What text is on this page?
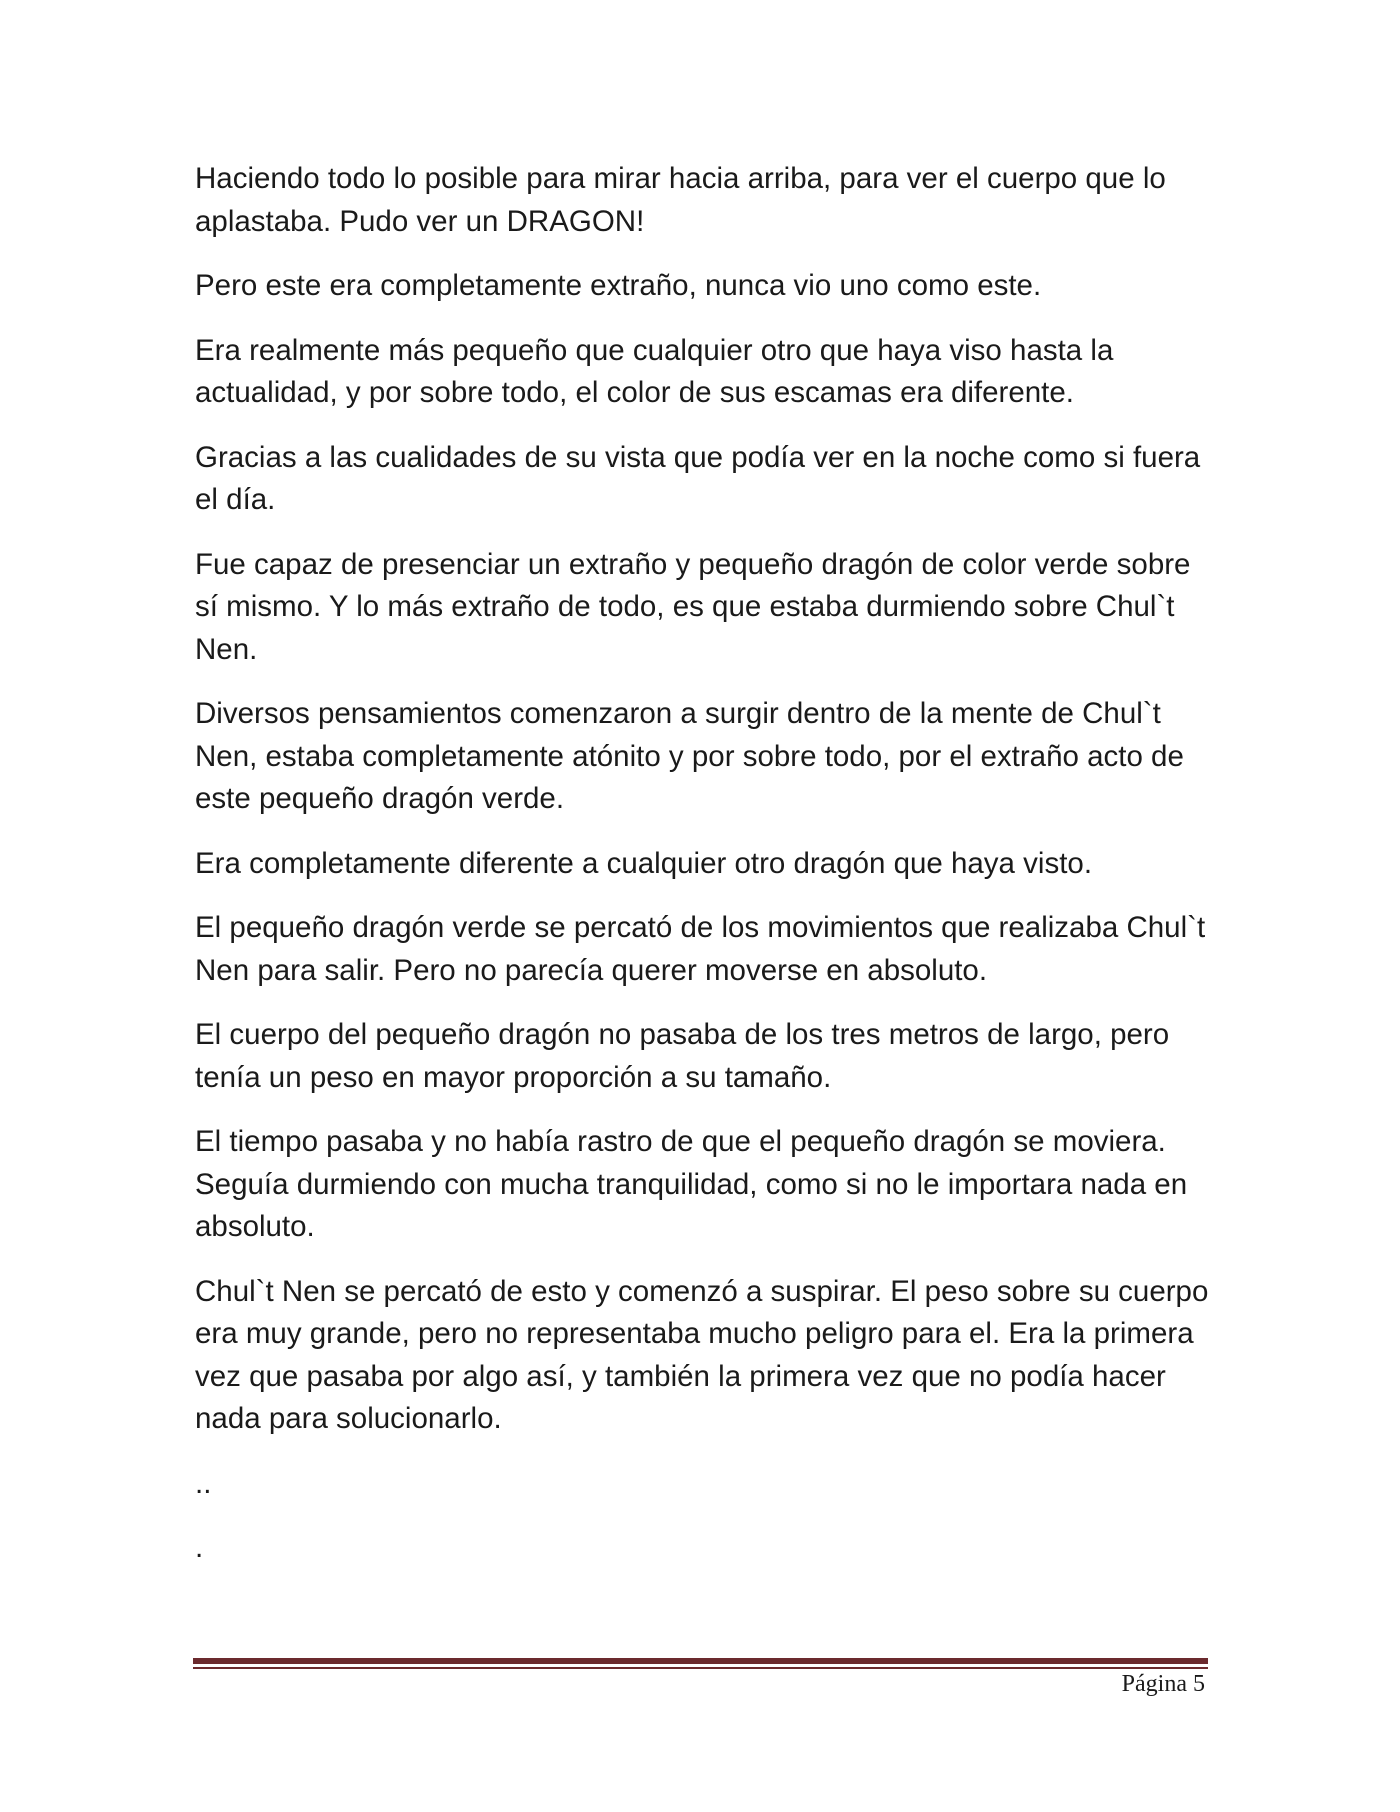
Haciendo todo lo posible para mirar hacia arriba, para ver el cuerpo que lo aplastaba. Pudo ver un DRAGON!

Pero este era completamente extraño, nunca vio uno como este.

Era realmente más pequeño que cualquier otro que haya viso hasta la actualidad, y por sobre todo, el color de sus escamas era diferente.

Gracias a las cualidades de su vista que podía ver en la noche como si fuera el día.

Fue capaz de presenciar un extraño y pequeño dragón de color verde sobre sí mismo. Y lo más extraño de todo, es que estaba durmiendo sobre Chul`t Nen.

Diversos pensamientos comenzaron a surgir dentro de la mente de Chul`t Nen, estaba completamente atónito y por sobre todo, por el extraño acto de este pequeño dragón verde.

Era completamente diferente a cualquier otro dragón que haya visto.

El pequeño dragón verde se percató de los movimientos que realizaba Chul`t Nen para salir. Pero no parecía querer moverse en absoluto.

El cuerpo del pequeño dragón no pasaba de los tres metros de largo, pero tenía un peso en mayor proporción a su tamaño.

El tiempo pasaba y no había rastro de que el pequeño dragón se moviera. Seguía durmiendo con mucha tranquilidad, como si no le importara nada en absoluto.

Chul`t Nen se percató de esto y comenzó a suspirar. El peso sobre su cuerpo era muy grande, pero no representaba mucho peligro para el. Era la primera vez que pasaba por algo así, y también la primera vez que no podía hacer nada para solucionarlo.

..

.

Página 5
